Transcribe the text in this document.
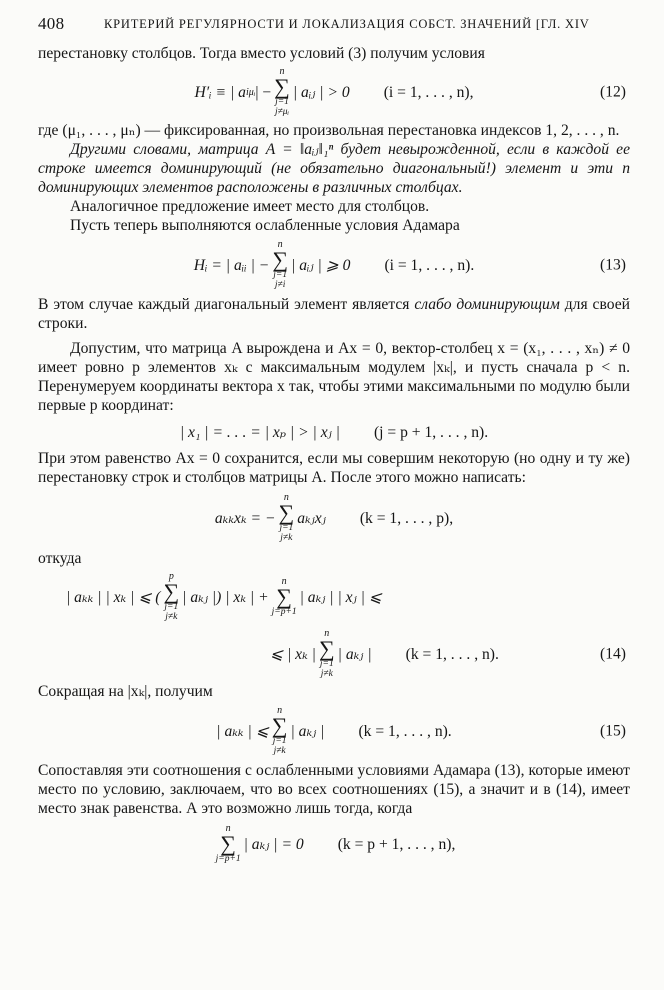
408	КРИТЕРИЙ РЕГУЛЯРНОСТИ И ЛОКАЛИЗАЦИЯ СОБСТ. ЗНАЧЕНИЙ [ГЛ. XIV

перестановку столбцов. Тогда вместо условий (3) получим условия

H′ᵢ ≡ | a iμᵢ | −
n
∑
j=1
j≠μᵢ
| aᵢⱼ | > 0 (i = 1, . . . , n),	(12)

где (μ₁, . . . , μₙ) — фиксированная, но произвольная перестановка индексов 1, 2, . . . , n.

Другими словами, матрица A = ‖aᵢⱼ‖₁ⁿ будет невырожденной, если в каждой ее строке имеется доминирующий (не обязательно диагональный!) элемент и эти n доминирующих элементов расположены в различных столбцах.

Аналогичное предложение имеет место для столбцов.

Пусть теперь выполняются ослабленные условия Адамара

Hᵢ = | aᵢᵢ | −
n
∑
j=1
j≠i
| aᵢⱼ | ⩾ 0 (i = 1, . . . , n).	(13)

В этом случае каждый диагональный элемент является слабо доминирующим для своей строки.

Допустим, что матрица A вырождена и Ax = 0, вектор-столбец x = (x₁, . . . , xₙ) ≠ 0 имеет ровно p элементов xₖ с максимальным модулем |xₖ|, и пусть сначала p < n. Перенумеруем координаты вектора x так, чтобы этими максимальными по модулю были первые p координат:

| x₁ | = . . . = | xₚ | > | xⱼ | (j = p + 1, . . . , n).

При этом равенство Ax = 0 сохранится, если мы совершим некоторую (но одну и ту же) перестановку строк и столбцов матрицы A. После этого можно написать:

aₖₖxₖ = −
n
∑
j=1
j≠k
aₖⱼxⱼ (k = 1, . . . , p),

откуда

| aₖₖ | | xₖ | ⩽ (
p
∑
j=1
j≠k
| aₖⱼ |) | xₖ | +
n
∑
j=p+1
| aₖⱼ | | xⱼ | ⩽
⩽ | xₖ |
n
∑
j=1
j≠k
| aₖⱼ | (k = 1, . . . , n).	(14)

Сокращая на |xₖ|, получим

| aₖₖ | ⩽
n
∑
j=1
j≠k
| aₖⱼ | (k = 1, . . . , n).	(15)

Сопоставляя эти соотношения с ослабленными условиями Адамара (13), которые имеют место по условию, заключаем, что во всех соотношениях (15), а значит и в (14), имеет место знак равенства. А это возможно лишь тогда, когда

n
∑
j=p+1
| aₖⱼ | = 0 (k = p + 1, . . . , n),
